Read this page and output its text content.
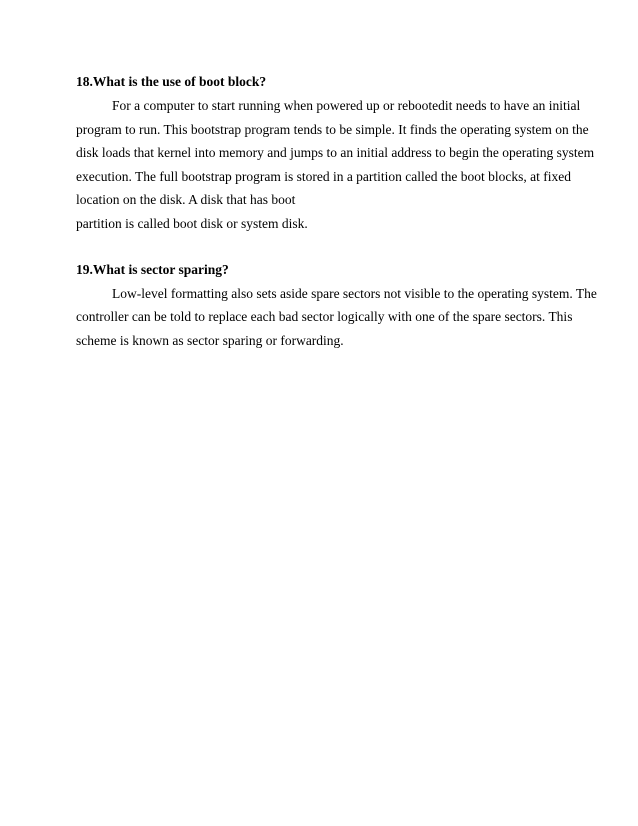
18.What is the use of boot block?

For a computer to start running when powered up or rebootedit needs to have an initial

program to run. This bootstrap program tends to be simple. It finds the operating system on the

disk loads that kernel into memory and jumps to an initial address to begin the operating system

execution. The full bootstrap program is stored in a partition called the boot blocks, at fixed

location on the disk. A disk that has boot

partition is called boot disk or system disk.

19.What is sector sparing?

Low-level formatting also sets aside spare sectors not visible to the operating system. The

controller can be told to replace each bad sector logically with one of the spare sectors. This

scheme is known as sector sparing or forwarding.
